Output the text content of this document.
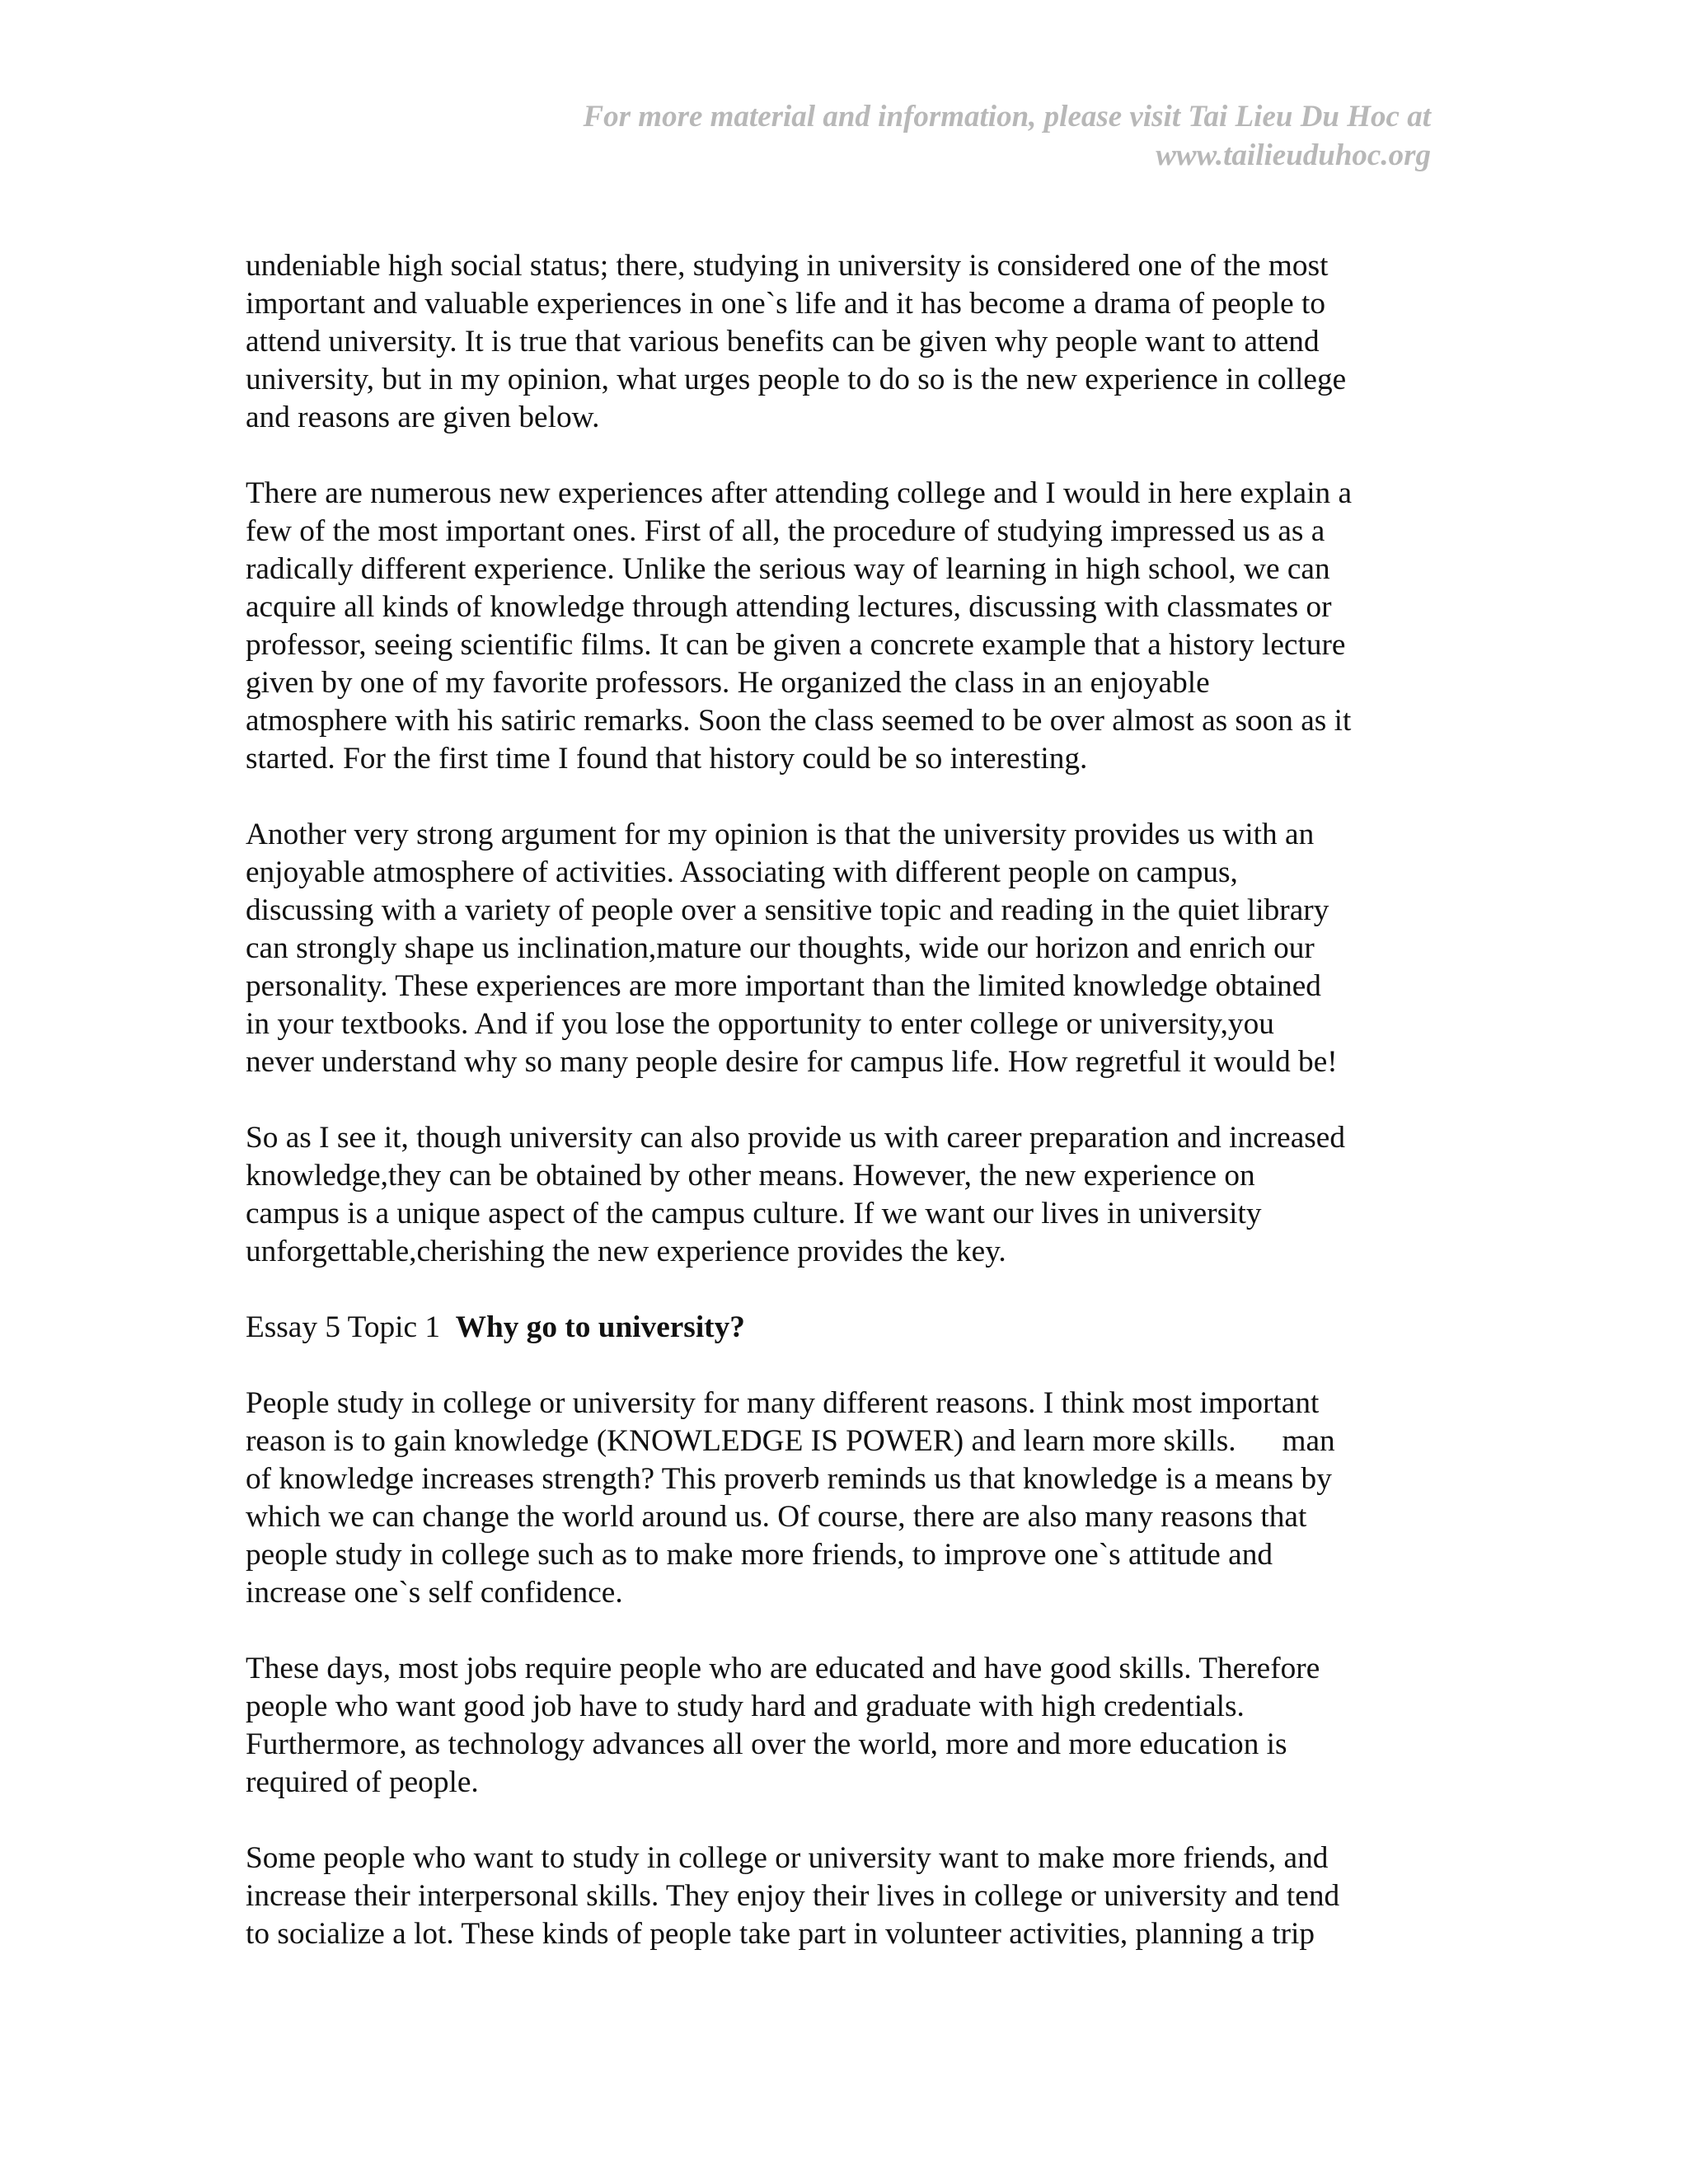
For more material and information, please visit Tai Lieu Du Hoc at
www.tailieuduhoc.org
undeniable high social status; there, studying in university is considered one of the most
important and valuable experiences in one`s life and it has become a drama of people to
attend university. It is true that various benefits can be given why people want to attend
university, but in my opinion, what urges people to do so is the new experience in college
and reasons are given below.
There are numerous new experiences after attending college and I would in here explain a
few of the most important ones. First of all, the procedure of studying impressed us as a
radically different experience. Unlike the serious way of learning in high school, we can
acquire all kinds of knowledge through attending lectures, discussing with classmates or
professor, seeing scientific films. It can be given a concrete example that a history lecture
given by one of my favorite professors. He organized the class in an enjoyable
atmosphere with his satiric remarks. Soon the class seemed to be over almost as soon as it
started. For the first time I found that history could be so interesting.
Another very strong argument for my opinion is that the university provides us with an
enjoyable atmosphere of activities. Associating with different people on campus,
discussing with a variety of people over a sensitive topic and reading in the quiet library
can strongly shape us inclination,mature our thoughts, wide our horizon and enrich our
personality. These experiences are more important than the limited knowledge obtained
in your textbooks. And if you lose the opportunity to enter college or university,you
never understand why so many people desire for campus life. How regretful it would be!
So as I see it, though university can also provide us with career preparation and increased
knowledge,they can be obtained by other means. However, the new experience on
campus is a unique aspect of the campus culture. If we want our lives in university
unforgettable,cherishing the new experience provides the key.
Essay 5 Topic 1 Why go to university?
People study in college or university for many different reasons. I think most important
reason is to gain knowledge (KNOWLEDGE IS POWER) and learn more skills.      man
of knowledge increases strength? This proverb reminds us that knowledge is a means by
which we can change the world around us. Of course, there are also many reasons that
people study in college such as to make more friends, to improve one`s attitude and
increase one`s self confidence.
These days, most jobs require people who are educated and have good skills. Therefore
people who want good job have to study hard and graduate with high credentials.
Furthermore, as technology advances all over the world, more and more education is
required of people.
Some people who want to study in college or university want to make more friends, and
increase their interpersonal skills. They enjoy their lives in college or university and tend
to socialize a lot. These kinds of people take part in volunteer activities, planning a trip
